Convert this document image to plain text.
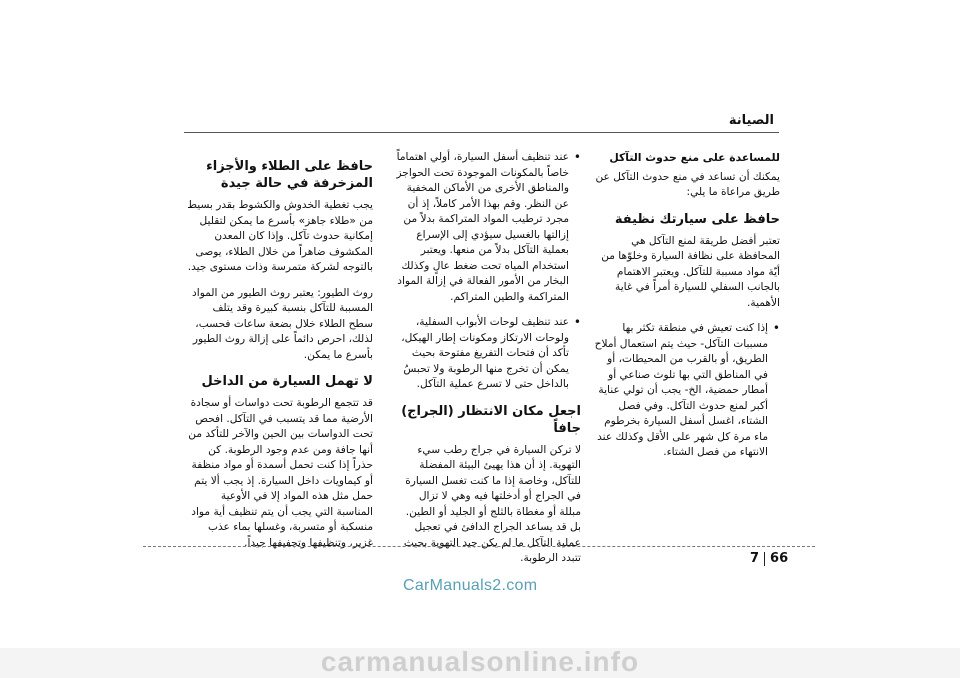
الصيانة
للمساعدة على منع حدوث التآكل

يمكنك أن تساعد في منع حدوث التآكل عن طريق مراعاة ما يلي:

حافظ على سيارتك نظيفة

تعتبر أفضل طريقة لمنع التآكل هي المحافظة على نظافة السيارة وخلوّها من أيّة مواد مسببة للتآكل. ويعتبر الاهتمام بالجانب السفلي للسيارة أمراً في غاية الأهمية.

• إذا كنت تعيش في منطقة تكثر بها مسببات التآكل- حيث يتم استعمال أملاح الطريق، أو بالقرب من المحيطات، أو في المناطق التي بها تلوث صناعي أو أمطار حمضية، الخ- يجب أن تولي عناية أكبر لمنع حدوث التآكل. وفي فصل الشتاء، اغسل أسفل السيارة بخرطوم ماء مرة كل شهر على الأقل وكذلك عند الانتهاء من فصل الشتاء.

• عند تنظيف أسفل السيارة، أولي اهتماماً خاصاً بالمكونات الموجودة تحت الحواجز والمناطق الأخرى من الأماكن المخفية عن النظر. وقم بهذا الأمر كاملاً، إذ أن مجرد ترطيب المواد المتراكمة بدلاً من إزالتها بالغسيل سيؤدي إلى الإسراع بعملية التآكل بدلاً من منعها. ويعتبر استخدام المياه تحت ضغط عالٍ وكذلك البخار من الأمور الفعالة في إزالة المواد المتراكمة والطين المتراكم.

• عند تنظيف لوحات الأبواب السفلية، ولوحات الارتكاز ومكونات إطار الهيكل، تأكد أن فتحات التفريغ مفتوحة بحيث يمكن أن تخرج منها الرطوبة ولا تحبسُ بالداخل حتى لا تسرع عملية التآكل.

اجعل مكان الانتظار (الجراج) جافاً

لا تركن السيارة في جراج رطب سيء التهوية. إذ أن هذا يهيئ البيئة المفضلة للتآكل، وخاصة إذا ما كنت تغسل السيارة في الجراج أو أدخلتها فيه وهي لا تزال مبللة أو مغطاة بالثلج أو الجليد أو الطين. بل قد يساعد الجراج الدافئ في تعجيل عملية التآكل ما لم يكن جيد التهوية بحيث تتبدد الرطوبة.

حافظ على الطلاء والأجزاء المزخرفة في حالة جيدة

يجب تغطية الخدوش والكشوط بقدر بسيط من «طلاء جاهز» بأسرع ما يمكن لتقليل إمكانية حدوث تآكل. وإذا كان المعدن المكشوف ضاهراً من خلال الطلاء، يوصى بالتوجه لشركة متمرسة وذات مستوى جيد.

روث الطيور: يعتبر روث الطيور من المواد المسببة للتآكل بنسبة كبيرة وقد يتلف سطح الطلاء خلال بضعة ساعات فحسب، لذلك، احرص دائماً على إزالة روث الطيور بأسرع ما يمكن.

لا تهمل السيارة من الداخل

قد تتجمع الرطوبة تحت دواسات أو سجادة الأرضية مما قد يتسبب في التآكل. افحص تحت الدواسات بين الحين والآخر للتأكد من أنها جافة ومن عدم وجود الرطوبة. كن حذراً إذا كنت تحمل أسمدة أو مواد منظفة أو كيماويات داخل السيارة. إذ يجب ألا يتم حمل مثل هذه المواد إلا في الأوعية المناسبة التي يجب أن يتم تنظيف أية مواد منسكبة أو متسربة، وغسلها بماء عذب غزير، وتنظيفها وتجفيفها جيداً.

7 66
CarManuals2.com
carmanualsonline.info
